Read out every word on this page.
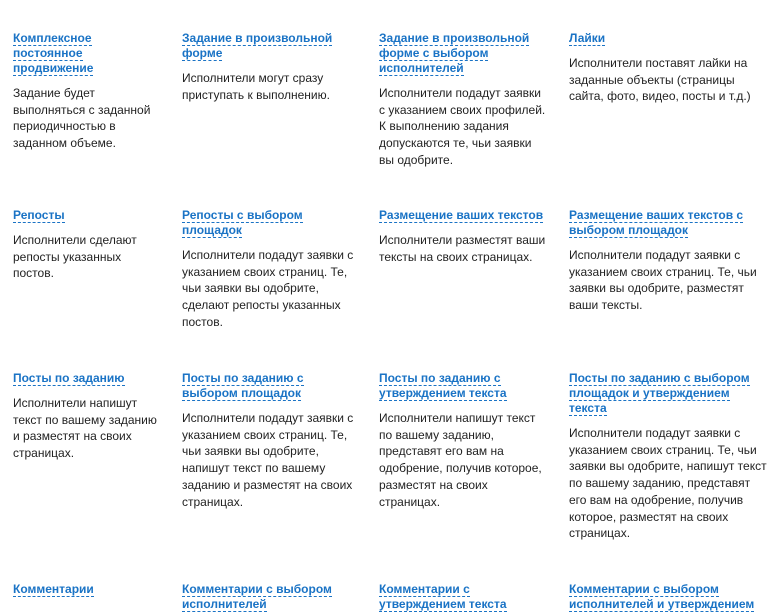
Комплексное постоянное продвижение

Задание будет выполняться с заданной периодичностью в заданном объеме.

Задание в произвольной форме

Исполнители могут сразу приступать к выполнению.

Задание в произвольной форме с выбором исполнителей

Исполнители подадут заявки с указанием своих профилей. К выполнению задания допускаются те, чьи заявки вы одобрите.

Лайки

Исполнители поставят лайки на заданные объекты (страницы сайта, фото, видео, посты и т.д.)

Репосты

Исполнители сделают репосты указанных постов.

Репосты с выбором площадок

Исполнители подадут заявки с указанием своих страниц. Те, чьи заявки вы одобрите, сделают репосты указанных постов.

Размещение ваших текстов

Исполнители разместят ваши тексты на своих страницах.

Размещение ваших текстов с выбором площадок

Исполнители подадут заявки с указанием своих страниц. Те, чьи заявки вы одобрите, разместят ваши тексты.

Посты по заданию

Исполнители напишут текст по вашему заданию и разместят на своих страницах.

Посты по заданию с выбором площадок

Исполнители подадут заявки с указанием своих страниц. Те, чьи заявки вы одобрите, напишут текст по вашему заданию и разместят на своих страницах.

Посты по заданию с утверждением текста

Исполнители напишут текст по вашему заданию, представят его вам на одобрение, получив которое, разместят на своих страницах.

Посты по заданию с выбором площадок и утверждением текста

Исполнители подадут заявки с указанием своих страниц. Те, чьи заявки вы одобрите, напишут текст по вашему заданию, представят его вам на одобрение, получив которое, разместят на своих страницах.

Комментарии	Комментарии с выбором исполнителей
Комментарии с утверждением текста
Комментарии с выбором исполнителей и утверждением
